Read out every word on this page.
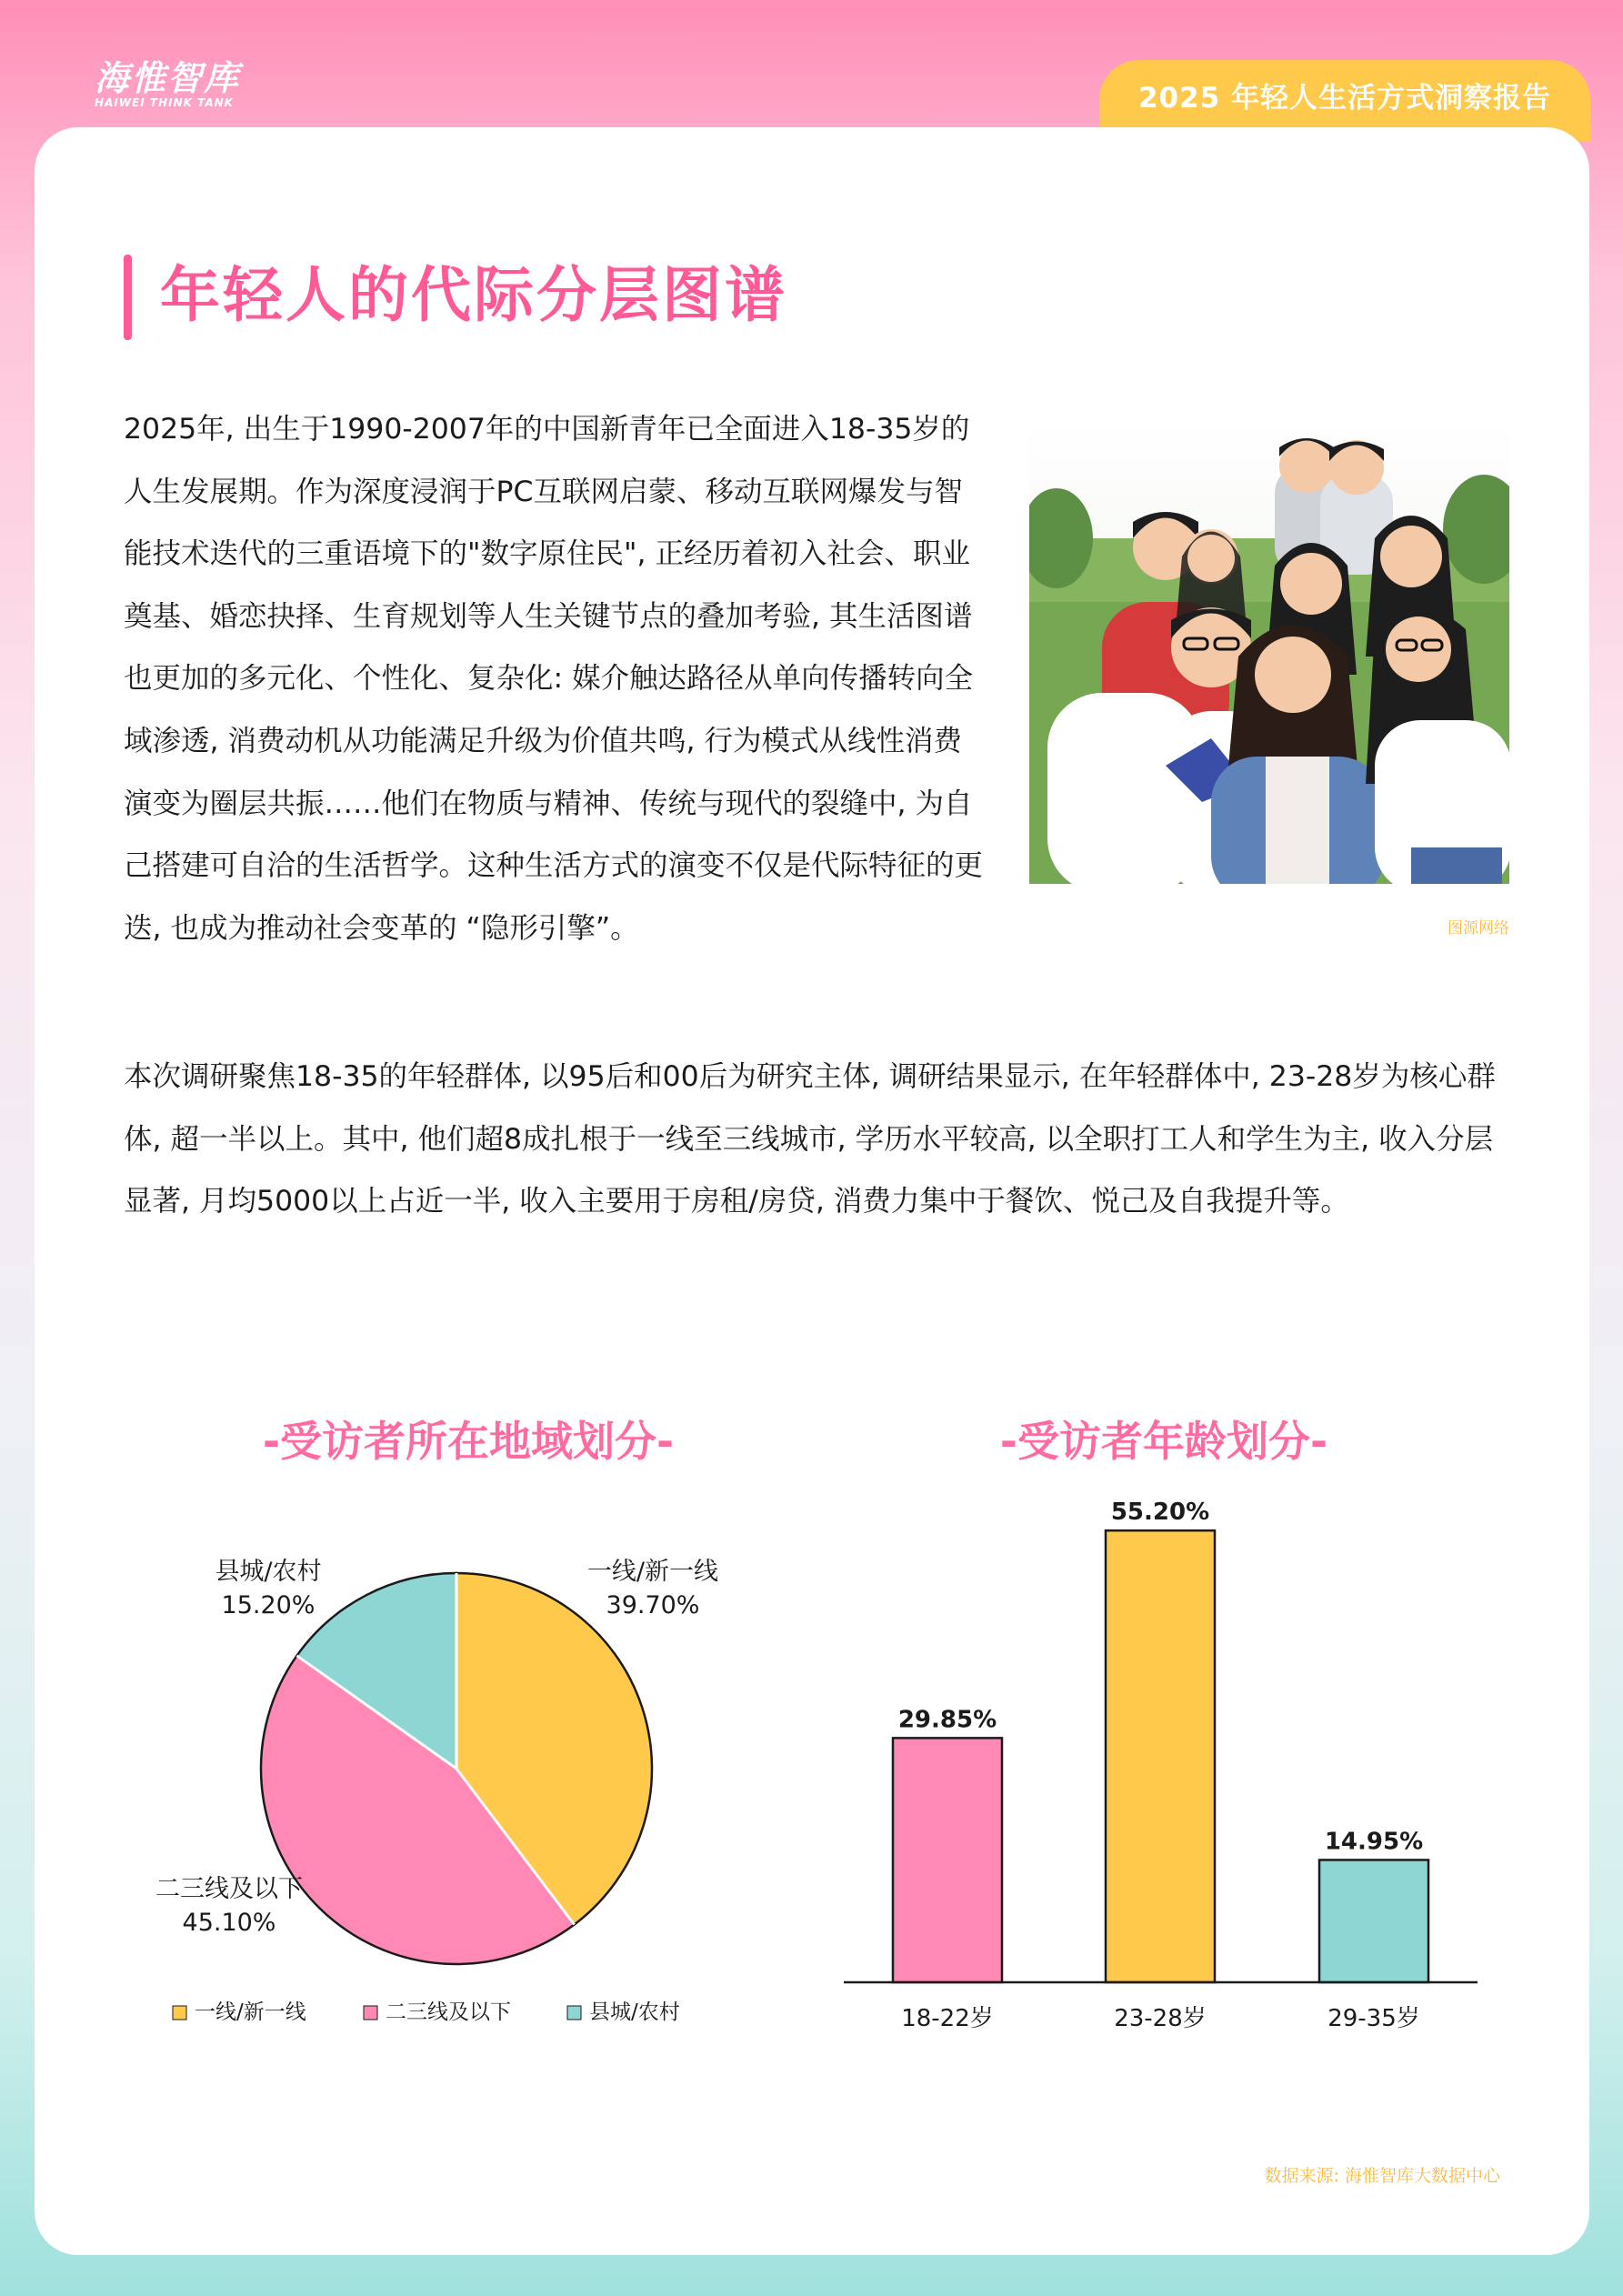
海惟智库
HAIWEI THINK TANK	2025 年轻人生活方式洞察报告
年轻人的代际分层图谱

2025年, 出生于1990-2007年的中国新青年已全面进入18-35岁的人生发展期。作为深度浸润于PC互联网启蒙、移动互联网爆发与智能技术迭代的三重语境下的"数字原住民", 正经历着初入社会、职业奠基、婚恋抉择、生育规划等人生关键节点的叠加考验, 其生活图谱也更加的多元化、个性化、复杂化: 媒介触达路径从单向传播转向全域渗透, 消费动机从功能满足升级为价值共鸣, 行为模式从线性消费演变为圈层共振……他们在物质与精神、传统与现代的裂缝中, 为自己搭建可自洽的生活哲学。这种生活方式的演变不仅是代际特征的更迭, 也成为推动社会变革的 “隐形引擎”。	图源网络

本次调研聚焦18-35的年轻群体, 以95后和00后为研究主体, 调研结果显示, 在年轻群体中, 23-28岁为核心群体, 超一半以上。其中, 他们超8成扎根于一线至三线城市, 学历水平较高, 以全职打工人和学生为主, 收入分层显著, 月均5000以上占近一半, 收入主要用于房租/房贷, 消费力集中于餐饮、悦己及自我提升等。

-受访者所在地域划分-	-受访者年龄划分-
一线/新一线
39.70%
二三线及以下
45.10%
县城/农村
15.20%
一线/新一线	二三线及以下	县城/农村
29.85%
18-22岁
55.20%
23-28岁
14.95%
29-35岁
数据来源: 海惟智库大数据中心
